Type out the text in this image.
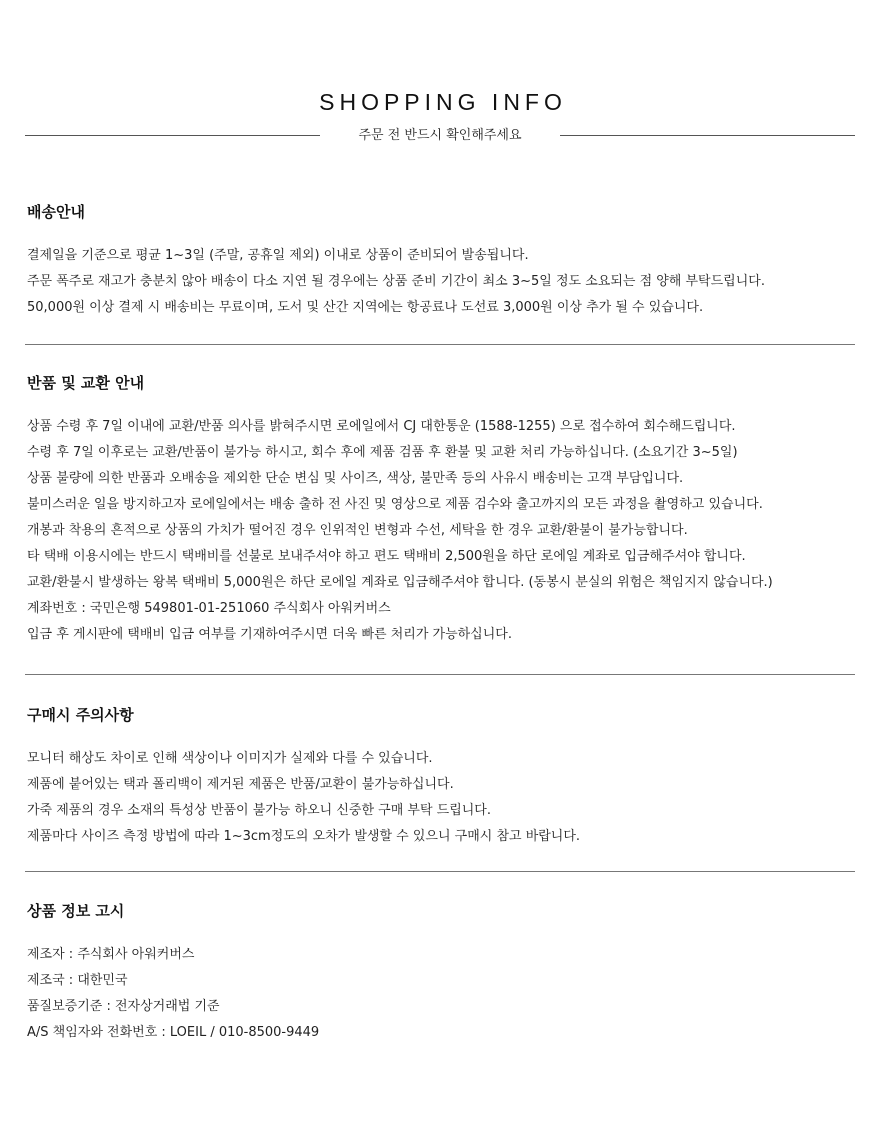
SHOPPING INFO
주문 전 반드시 확인해주세요
배송안내
결제일을 기준으로 평균 1~3일 (주말, 공휴일 제외) 이내로 상품이 준비되어 발송됩니다.
주문 폭주로 재고가 충분치 않아 배송이 다소 지연 될 경우에는 상품 준비 기간이 최소 3~5일 정도 소요되는 점 양해 부탁드립니다.
50,000원 이상 결제 시 배송비는 무료이며, 도서 및 산간 지역에는 항공료나 도선료 3,000원 이상 추가 될 수 있습니다.
반품 및 교환 안내
상품 수령 후 7일 이내에 교환/반품 의사를 밝혀주시면 로에일에서 CJ 대한통운 (1588-1255) 으로 접수하여 회수해드립니다.
수령 후 7일 이후로는 교환/반품이 불가능 하시고, 회수 후에 제품 검품 후 환불 및 교환 처리 가능하십니다. (소요기간 3~5일)
상품 불량에 의한 반품과 오배송을 제외한 단순 변심 및 사이즈, 색상, 불만족 등의 사유시 배송비는 고객 부담입니다.
불미스러운 일을 방지하고자 로에일에서는 배송 출하 전 사진 및 영상으로 제품 검수와 출고까지의 모든 과정을 촬영하고 있습니다.
개봉과 착용의 흔적으로 상품의 가치가 떨어진 경우 인위적인 변형과 수선, 세탁을 한 경우 교환/환불이 불가능합니다.
타 택배 이용시에는 반드시 택배비를 선불로 보내주셔야 하고 편도 택배비 2,500원을 하단 로에일 계좌로 입금해주셔야 합니다.
교환/환불시 발생하는 왕복 택배비 5,000원은 하단 로에일 계좌로 입금해주셔야 합니다. (동봉시 분실의 위험은 책임지지 않습니다.)
계좌번호 : 국민은행 549801-01-251060 주식회사 아워커버스
입금 후 게시판에 택배비 입금 여부를 기재하여주시면 더욱 빠른 처리가 가능하십니다.
구매시 주의사항
모니터 해상도 차이로 인해 색상이나 이미지가 실제와 다를 수 있습니다.
제품에 붙어있는 택과 폴리백이 제거된 제품은 반품/교환이 불가능하십니다.
가죽 제품의 경우 소재의 특성상 반품이 불가능 하오니 신중한 구매 부탁 드립니다.
제품마다 사이즈 측정 방법에 따라 1~3cm정도의 오차가 발생할 수 있으니 구매시 참고 바랍니다.
상품 정보 고시
제조자 : 주식회사 아워커버스
제조국 : 대한민국
품질보증기준 : 전자상거래법 기준
A/S 책임자와 전화번호 : LOEIL / 010-8500-9449
